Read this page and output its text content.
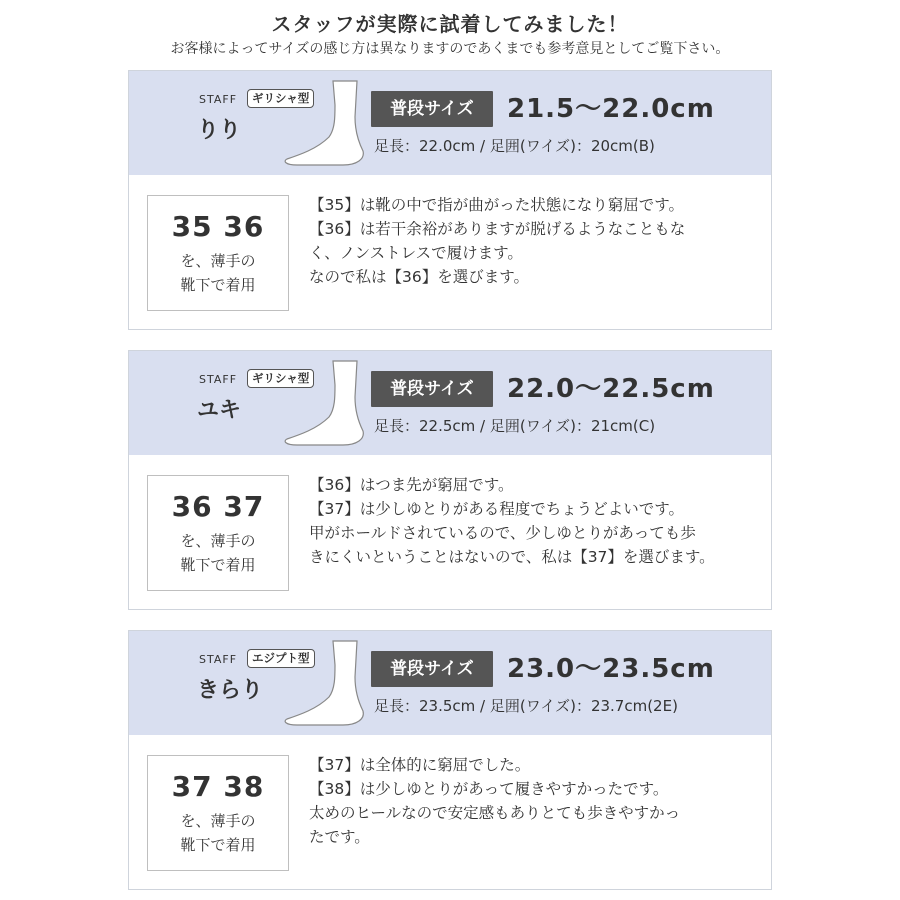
スタッフが実際に試着してみました！
お客様によってサイズの感じ方は異なりますのであくまでも参考意見としてご覧下さい。
STAFF	ギリシャ型
りり
普段サイズ	21.5〜22.0cm
足長：22.0cm / 足囲(ワイズ)：20cm(B)
35 36
を、薄手の
靴下で着用
【35】は靴の中で指が曲がった状態になり窮屈です。
【36】は若干余裕がありますが脱げるようなこともな
く、ノンストレスで履けます。
なので私は【36】を選びます。
STAFF	ギリシャ型
ユキ
普段サイズ	22.0〜22.5cm
足長：22.5cm / 足囲(ワイズ)：21cm(C)
36 37
を、薄手の
靴下で着用
【36】はつま先が窮屈です。
【37】は少しゆとりがある程度でちょうどよいです。
甲がホールドされているので、少しゆとりがあっても歩
きにくいということはないので、私は【37】を選びます。
STAFF	エジプト型
きらり
普段サイズ	23.0〜23.5cm
足長：23.5cm / 足囲(ワイズ)：23.7cm(2E)
37 38
を、薄手の
靴下で着用
【37】は全体的に窮屈でした。
【38】は少しゆとりがあって履きやすかったです。
太めのヒールなので安定感もありとても歩きやすかっ
たです。
